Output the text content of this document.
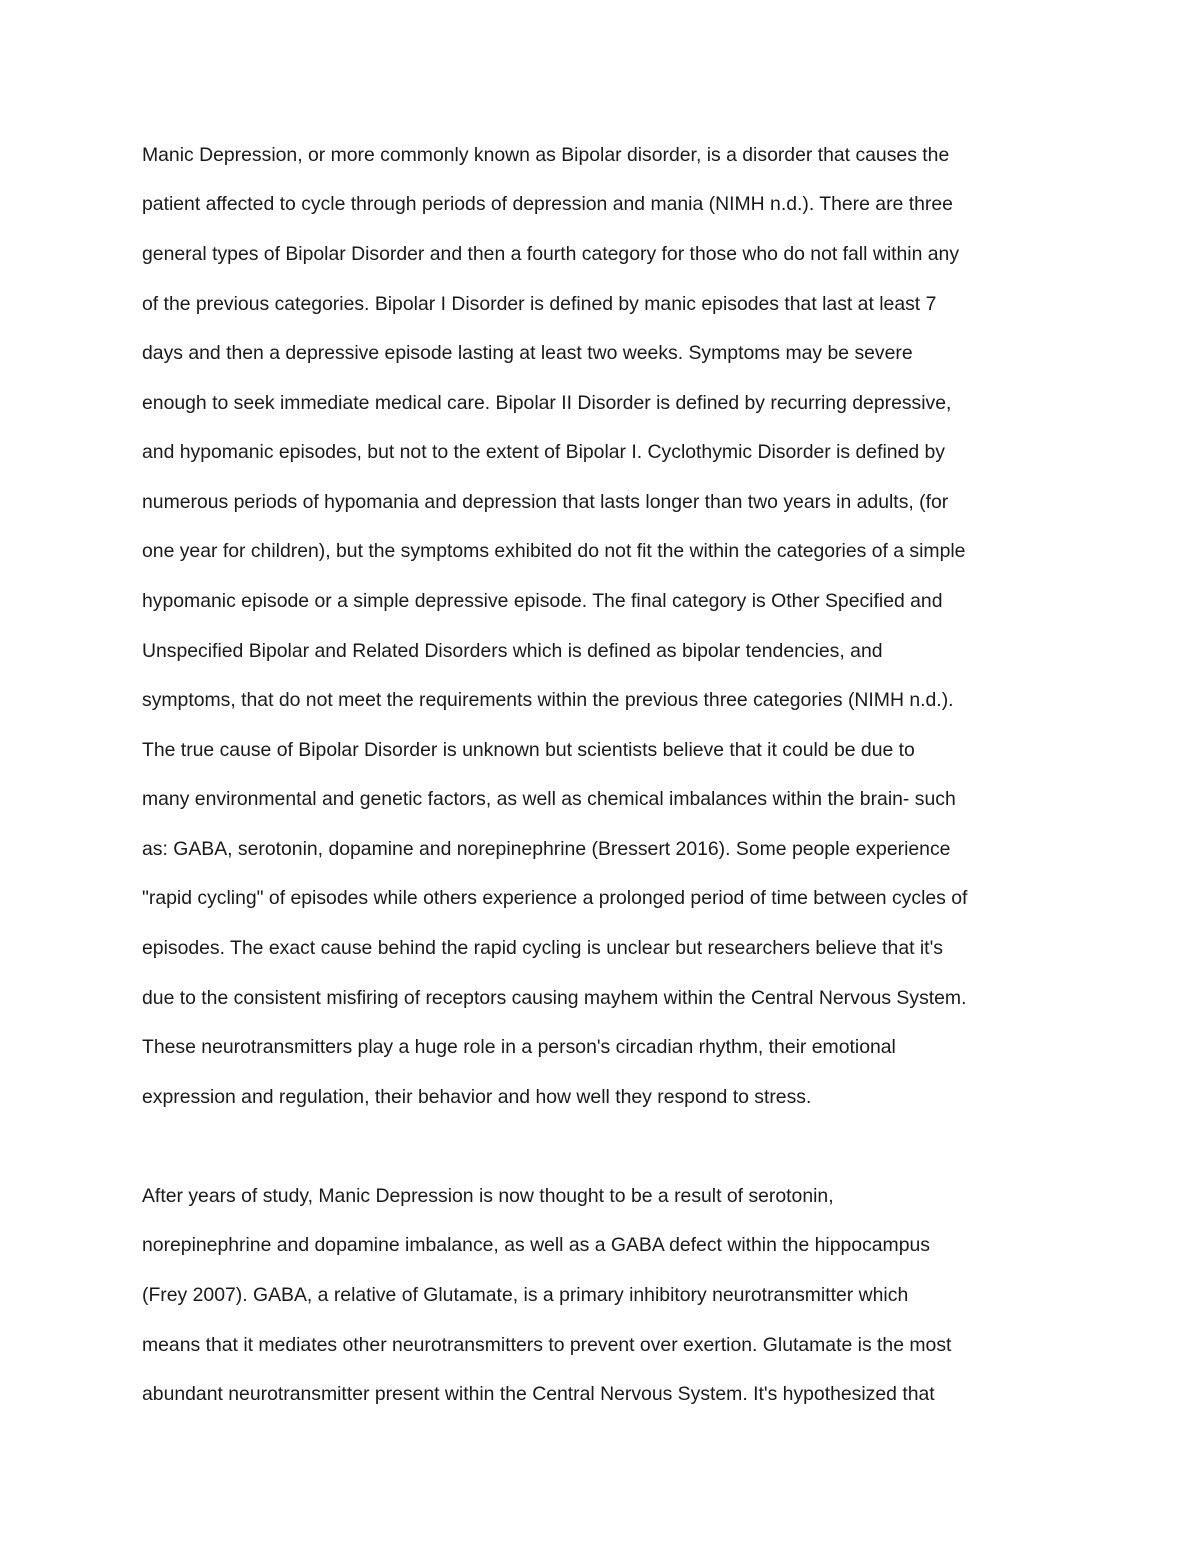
Manic Depression, or more commonly known as Bipolar disorder, is a disorder that causes the
patient affected to cycle through periods of depression and mania (NIMH n.d.). There are three
general types of Bipolar Disorder and then a fourth category for those who do not fall within any
of the previous categories. Bipolar I Disorder is defined by manic episodes that last at least 7
days and then a depressive episode lasting at least two weeks. Symptoms may be severe
enough to seek immediate medical care. Bipolar II Disorder is defined by recurring depressive,
and hypomanic episodes, but not to the extent of Bipolar I. Cyclothymic Disorder is defined by
numerous periods of hypomania and depression that lasts longer than two years in adults, (for
one year for children), but the symptoms exhibited do not fit the within the categories of a simple
hypomanic episode or a simple depressive episode. The final category is Other Specified and
Unspecified Bipolar and Related Disorders which is defined as bipolar tendencies, and
symptoms, that do not meet the requirements within the previous three categories (NIMH n.d.).
The true cause of Bipolar Disorder is unknown but scientists believe that it could be due to
many environmental and genetic factors, as well as chemical imbalances within the brain- such
as: GABA, serotonin, dopamine and norepinephrine (Bressert 2016). Some people experience
"rapid cycling" of episodes while others experience a prolonged period of time between cycles of
episodes. The exact cause behind the rapid cycling is unclear but researchers believe that it's
due to the consistent misfiring of receptors causing mayhem within the Central Nervous System.
These neurotransmitters play a huge role in a person's circadian rhythm, their emotional
expression and regulation, their behavior and how well they respond to stress.
After years of study, Manic Depression is now thought to be a result of serotonin,
norepinephrine and dopamine imbalance, as well as a GABA defect within the hippocampus
(Frey 2007). GABA, a relative of Glutamate, is a primary inhibitory neurotransmitter which
means that it mediates other neurotransmitters to prevent over exertion. Glutamate is the most
abundant neurotransmitter present within the Central Nervous System. It's hypothesized that
